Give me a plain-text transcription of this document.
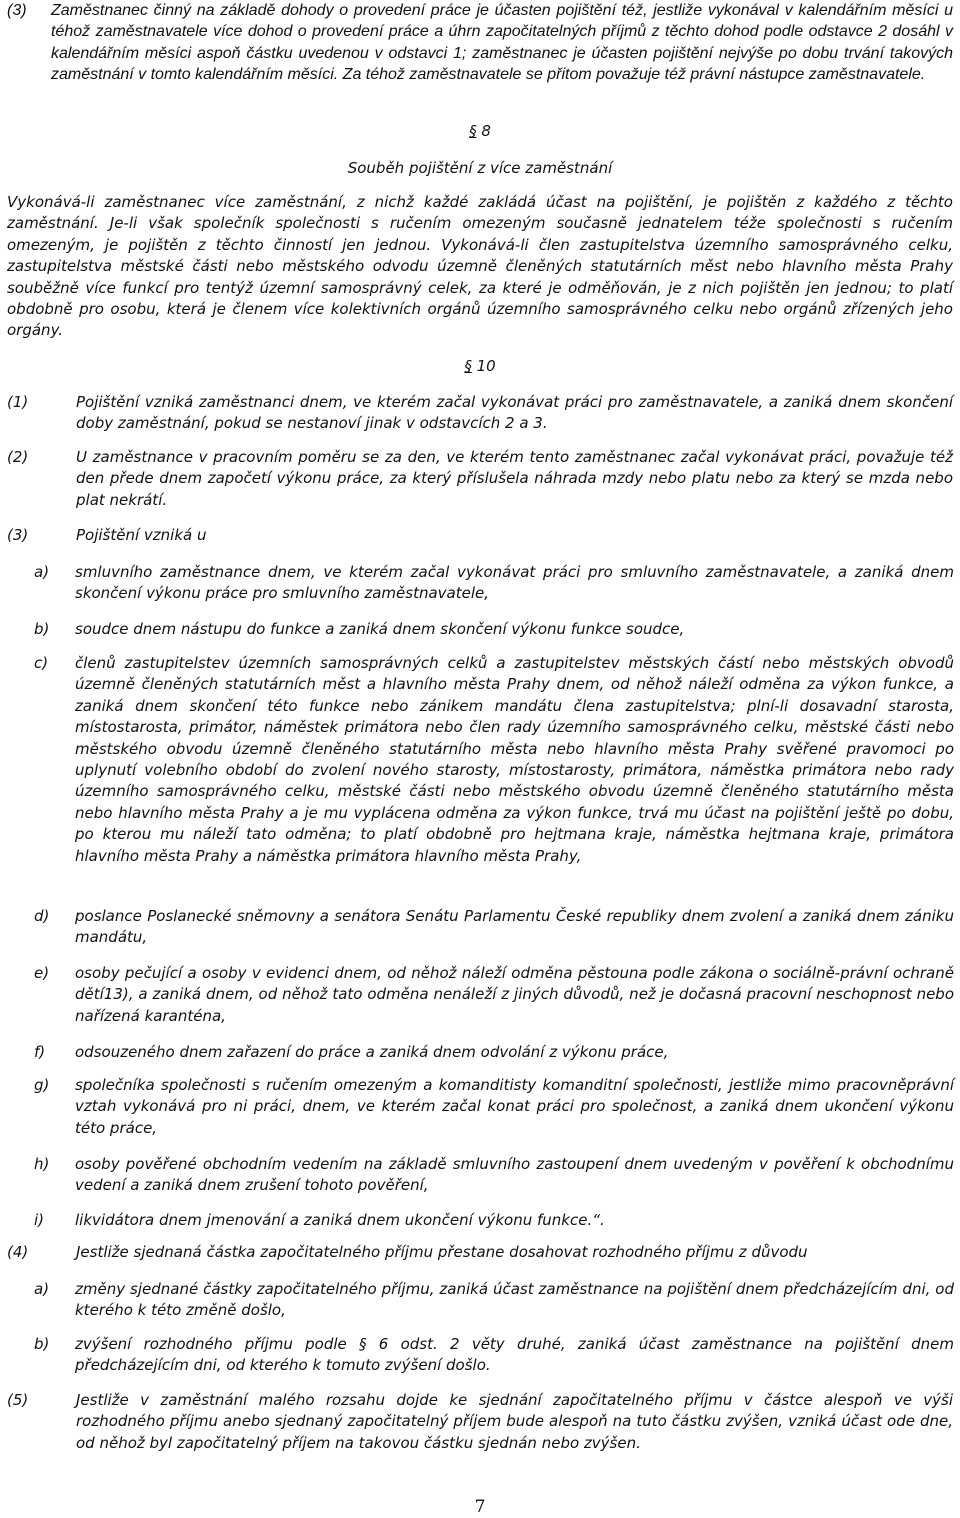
(3) Zaměstnanec činný na základě dohody o provedení práce je účasten pojištění též, jestliže vykonával v kalendářním měsíci u téhož zaměstnavatele více dohod o provedení práce a úhrn započitatelných příjmů z těchto dohod podle odstavce 2 dosáhl v kalendářním měsíci aspoň částku uvedenou v odstavci 1; zaměstnanec je účasten pojištění nejvýše po dobu trvání takových zaměstnání v tomto kalendářním měsíci. Za téhož zaměstnavatele se přitom považuje též právní nástupce zaměstnavatele.
§ 8
Souběh pojištění z více zaměstnání
Vykonává-li zaměstnanec více zaměstnání, z nichž každé zakládá účast na pojištění, je pojištěn z každého z těchto zaměstnání. Je-li však společník společnosti s ručením omezeným současně jednatelem téže společnosti s ručením omezeným, je pojištěn z těchto činností jen jednou. Vykonává-li člen zastupitelstva územního samosprávného celku, zastupitelstva městské části nebo městského odvodu územně členěných statutárních měst nebo hlavního města Prahy souběžně více funkcí pro tentýž územní samosprávný celek, za které je odměňován, je z nich pojištěn jen jednou; to platí obdobně pro osobu, která je členem více kolektivních orgánů územního samosprávného celku nebo orgánů zřízených jeho orgány.
§ 10
(1)	Pojištění vzniká zaměstnanci dnem, ve kterém začal vykonávat práci pro zaměstnavatele, a zaniká dnem skončení doby zaměstnání, pokud se nestanoví jinak v odstavcích 2 a 3.
(2)	U zaměstnance v pracovním poměru se za den, ve kterém tento zaměstnanec začal vykonávat práci, považuje též den přede dnem započetí výkonu práce, za který příslušela náhrada mzdy nebo platu nebo za který se mzda nebo plat nekrátí.
(3)	Pojištění vzniká u
a) smluvního zaměstnance dnem, ve kterém začal vykonávat práci pro smluvního zaměstnavatele, a zaniká dnem skončení výkonu práce pro smluvního zaměstnavatele,
b) soudce dnem nástupu do funkce a zaniká dnem skončení výkonu funkce soudce,
c) členů zastupitelstev územních samosprávných celků a zastupitelstev městských částí nebo městských obvodů územně členěných statutárních měst a hlavního města Prahy dnem, od něhož náleží odměna za výkon funkce, a zaniká dnem skončení této funkce nebo zánikem mandátu člena zastupitelstva; plní-li dosavadní starosta, místostarosta, primátor, náměstek primátora nebo člen rady územního samosprávného celku, městské části nebo městského obvodu územně členěného statutárního města nebo hlavního města Prahy svěřené pravomoci po uplynutí volebního období do zvolení nového starosty, místostarosty, primátora, náměstka primátora nebo rady územního samosprávného celku, městské části nebo městského obvodu územně členěného statutárního města nebo hlavního města Prahy a je mu vyplácena odměna za výkon funkce, trvá mu účast na pojištění ještě po dobu, po kterou mu náleží tato odměna; to platí obdobně pro hejtmana kraje, náměstka hejtmana kraje, primátora hlavního města Prahy a náměstka primátora hlavního města Prahy,
d) poslance Poslanecké sněmovny a senátora Senátu Parlamentu České republiky dnem zvolení a zaniká dnem zániku mandátu,
e) osoby pečující a osoby v evidenci dnem, od něhož náleží odměna pěstouna podle zákona o sociálně-právní ochraně dětí13), a zaniká dnem, od něhož tato odměna nenáleží z jiných důvodů, než je dočasná pracovní neschopnost nebo nařízená karanténa,
f) odsouzeného dnem zařazení do práce a zaniká dnem odvolání z výkonu práce,
g) společníka společnosti s ručením omezeným a komanditisty komanditní společnosti, jestliže mimo pracovněprávní vztah vykonává pro ni práci, dnem, ve kterém začal konat práci pro společnost, a zaniká dnem ukončení výkonu této práce,
h) osoby pověřené obchodním vedením na základě smluvního zastoupení dnem uvedeným v pověření k obchodnímu vedení a zaniká dnem zrušení tohoto pověření,
i) likvidátora dnem jmenování a zaniká dnem ukončení výkonu funkce.“.
(4)	Jestliže sjednaná částka započitatelného příjmu přestane dosahovat rozhodného příjmu z důvodu
a) změny sjednané částky započitatelného příjmu, zaniká účast zaměstnance na pojištění dnem předcházejícím dni, od kterého k této změně došlo,
b) zvýšení rozhodného příjmu podle § 6 odst. 2 věty druhé, zaniká účast zaměstnance na pojištění dnem předcházejícím dni, od kterého k tomuto zvýšení došlo.
(5)	Jestliže v zaměstnání malého rozsahu dojde ke sjednání započitatelného příjmu v částce alespoň ve výši rozhodného příjmu anebo sjednaný započitatelný příjem bude alespoň na tuto částku zvýšen, vzniká účast ode dne, od něhož byl započitatelný příjem na takovou částku sjednán nebo zvýšen.
7
